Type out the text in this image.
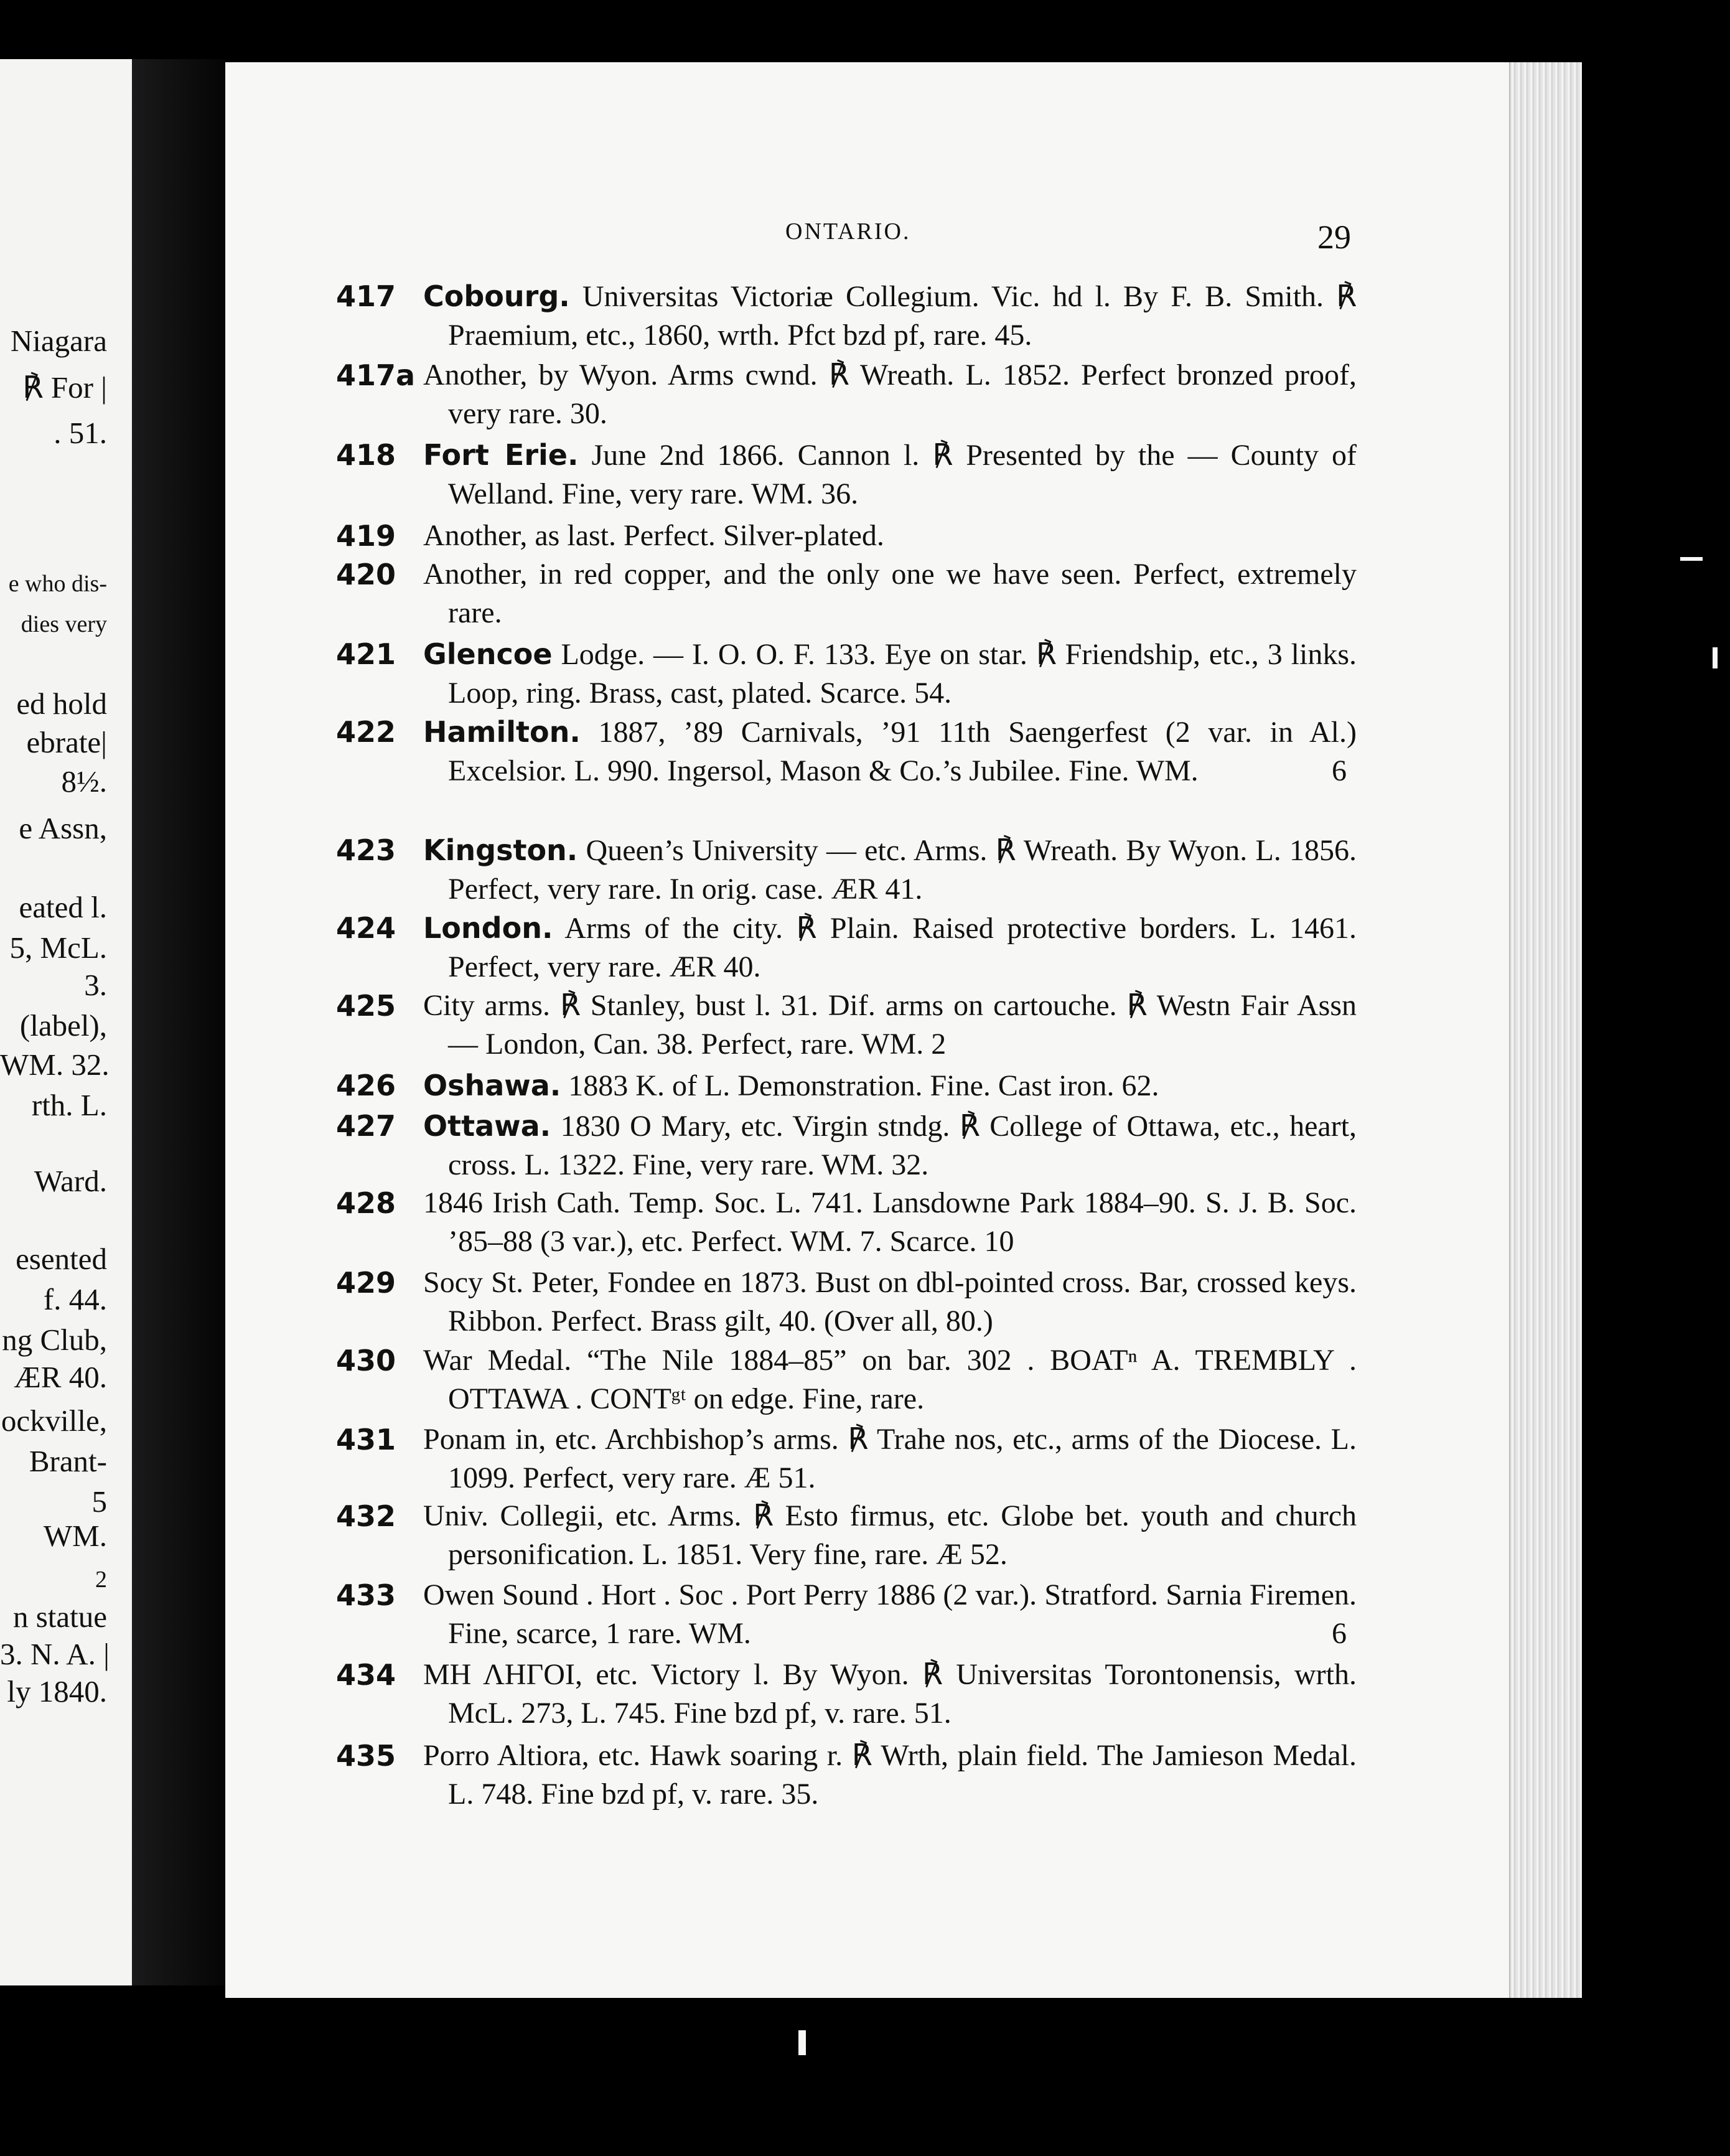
Niagara
℟ For |
. 51.
e who dis-
dies very
ed hold
ebrate|
8½.
e Assn,
eated l.
5, McL.
3.
(label),
WM. 32.
rth. L.
Ward.
esented
f. 44.
ng Club,
ÆR 40.
ockville,
Brant-
5
WM.
2
n statue
3. N. A. |
ly 1840.
ONTARIO.	29
417 Cobourg. Universitas Victoriæ Collegium. Vic. hd l. By F. B. Smith. ℟ Praemium, etc., 1860, wrth. Pfct bzd pf, rare. 45.
417a Another, by Wyon. Arms cwnd. ℟ Wreath. L. 1852. Perfect bronzed proof, very rare. 30.
418 Fort Erie. June 2nd 1866. Cannon l. ℟ Presented by the — County of Welland. Fine, very rare. WM. 36.
419 Another, as last. Perfect. Silver-plated.
420 Another, in red copper, and the only one we have seen. Perfect, extremely rare.
421 Glencoe Lodge. — I. O. O. F. 133. Eye on star. ℟ Friendship, etc., 3 links. Loop, ring. Brass, cast, plated. Scarce. 54.
422 Hamilton. 1887, ’89 Carnivals, ’91 11th Saengerfest (2 var. in Al.) Excelsior. L. 990. Ingersol, Mason & Co.’s Jubilee. Fine. WM.	6
423 Kingston. Queen’s University — etc. Arms. ℟ Wreath. By Wyon. L. 1856. Perfect, very rare. In orig. case. ÆR 41.
424 London. Arms of the city. ℟ Plain. Raised protective borders. L. 1461. Perfect, very rare. ÆR 40.
425 City arms. ℟ Stanley, bust l. 31. Dif. arms on cartouche. ℟ Westn Fair Assn — London, Can. 38. Perfect, rare. WM. 2
426 Oshawa. 1883 K. of L. Demonstration. Fine. Cast iron. 62.
427 Ottawa. 1830 O Mary, etc. Virgin stndg. ℟ College of Ottawa, etc., heart, cross. L. 1322. Fine, very rare. WM. 32.
428 1846 Irish Cath. Temp. Soc. L. 741. Lansdowne Park 1884–90. S. J. B. Soc. ’85–88 (3 var.), etc. Perfect. WM. 7. Scarce. 10
429 Socy St. Peter, Fondee en 1873. Bust on dbl-pointed cross. Bar, crossed keys. Ribbon. Perfect. Brass gilt, 40. (Over all, 80.)
430 War Medal. “The Nile 1884–85” on bar. 302 . BOATⁿ A. TREMBLY . OTTAWA . CONTᵍᵗ on edge. Fine, rare.
431 Ponam in, etc. Archbishop’s arms. ℟ Trahe nos, etc., arms of the Diocese. L. 1099. Perfect, very rare. Æ 51.
432 Univ. Collegii, etc. Arms. ℟ Esto firmus, etc. Globe bet. youth and church personification. L. 1851. Very fine, rare. Æ 52.
433 Owen Sound . Hort . Soc . Port Perry 1886 (2 var.). Stratford. Sarnia Firemen. Fine, scarce, 1 rare. WM.	6
434 ΜΗ ΛΗΓΟΙ, etc. Victory l. By Wyon. ℟ Universitas Torontonensis, wrth. McL. 273, L. 745. Fine bzd pf, v. rare. 51.
435 Porro Altiora, etc. Hawk soaring r. ℟ Wrth, plain field. The Jamieson Medal. L. 748. Fine bzd pf, v. rare. 35.
